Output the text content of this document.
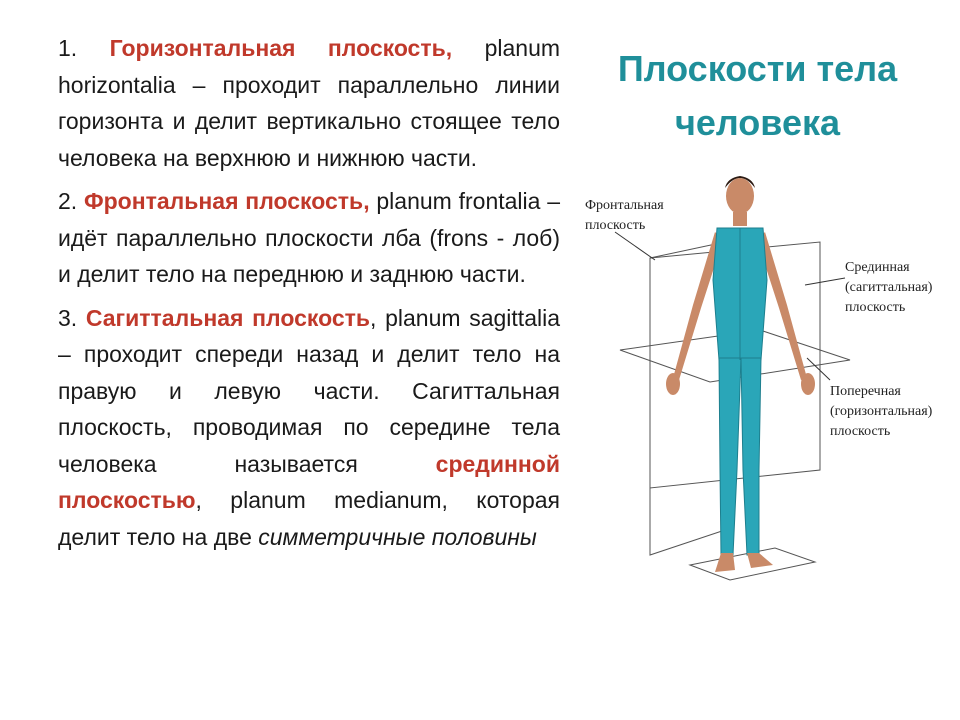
Плоскости тела
человека
1. Горизонтальная плоскость, planum horizontalia – проходит параллельно линии горизонта и делит вертикально стоящее тело человека на верхнюю и нижнюю части.
2. Фронтальная плоскость, planum frontalia – идёт параллельно плоскости лба (frons - лоб) и делит тело на переднюю и заднюю части.
3. Сагиттальная плоскость, planum sagittalia – проходит спереди назад и делит тело на правую и левую части. Сагиттальная плоскость, проводимая по середине тела человека называется	срединной плоскостью, planum medianum, которая делит тело на две симметричные половины
Фронтальная
плоскость
Срединная
(сагиттальная)
плоскость
Поперечная
(горизонтальная)
плоскость
